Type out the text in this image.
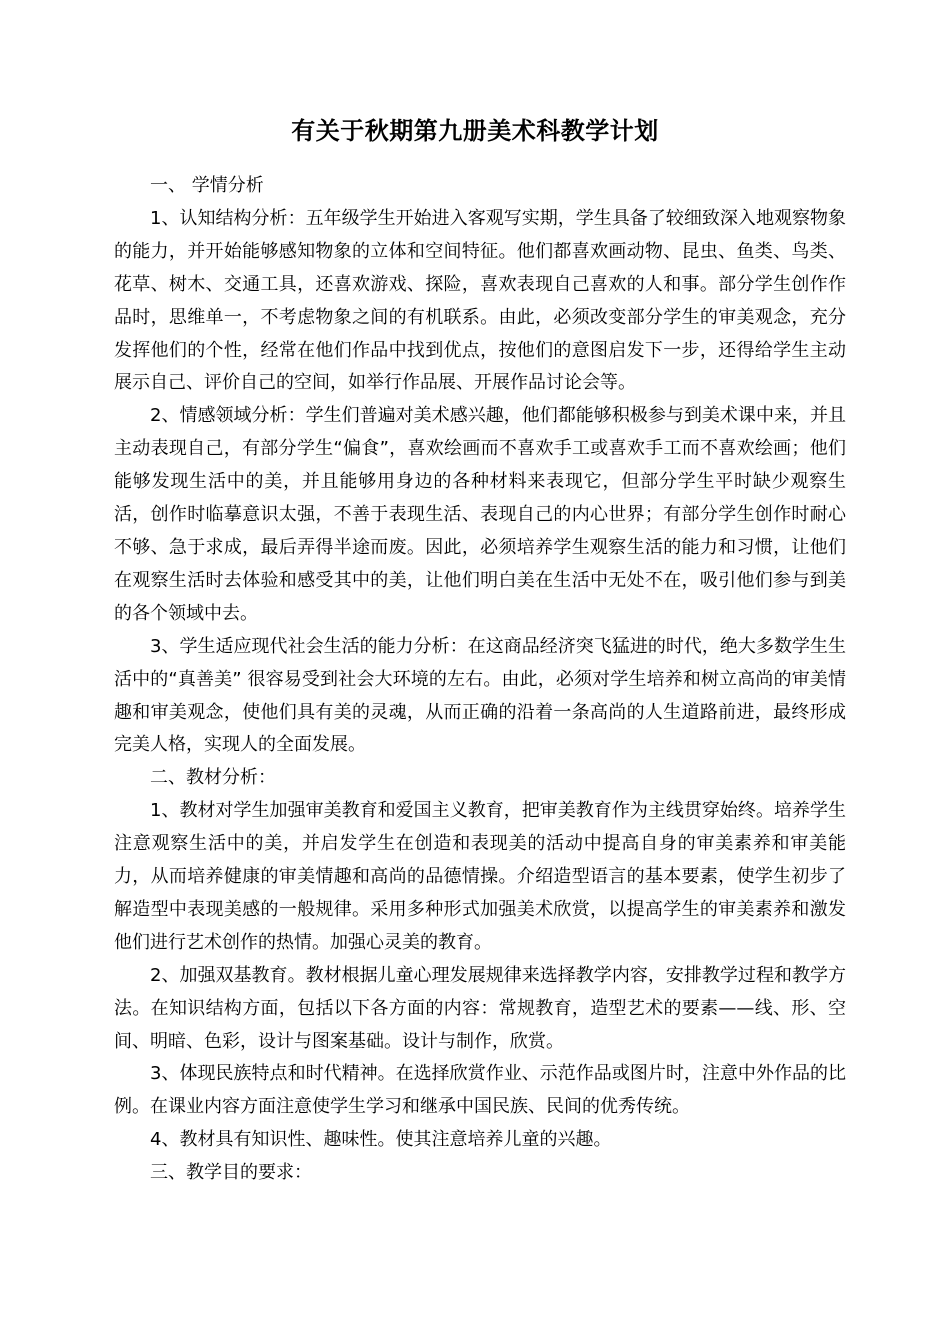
有关于秋期第九册美术科教学计划

一、 学情分析

1、认知结构分析：五年级学生开始进入客观写实期，学生具备了较细致深入地观察物象的能力，并开始能够感知物象的立体和空间特征。他们都喜欢画动物、昆虫、鱼类、鸟类、花草、树木、交通工具，还喜欢游戏、探险，喜欢表现自己喜欢的人和事。部分学生创作作品时，思维单一，不考虑物象之间的有机联系。由此，必须改变部分学生的审美观念，充分发挥他们的个性，经常在他们作品中找到优点，按他们的意图启发下一步，还得给学生主动展示自己、评价自己的空间，如举行作品展、开展作品讨论会等。

2、情感领域分析：学生们普遍对美术感兴趣，他们都能够积极参与到美术课中来，并且主动表现自己，有部分学生“偏食”，喜欢绘画而不喜欢手工或喜欢手工而不喜欢绘画；他们能够发现生活中的美，并且能够用身边的各种材料来表现它，但部分学生平时缺少观察生活，创作时临摹意识太强，不善于表现生活、表现自己的内心世界；有部分学生创作时耐心不够、急于求成，最后弄得半途而废。因此，必须培养学生观察生活的能力和习惯，让他们在观察生活时去体验和感受其中的美，让他们明白美在生活中无处不在，吸引他们参与到美的各个领域中去。

3、学生适应现代社会生活的能力分析：在这商品经济突飞猛进的时代，绝大多数学生生活中的“真善美” 很容易受到社会大环境的左右。由此，必须对学生培养和树立高尚的审美情趣和审美观念，使他们具有美的灵魂，从而正确的沿着一条高尚的人生道路前进，最终形成完美人格，实现人的全面发展。

二、教材分析：

1、教材对学生加强审美教育和爱国主义教育，把审美教育作为主线贯穿始终。培养学生注意观察生活中的美，并启发学生在创造和表现美的活动中提高自身的审美素养和审美能力，从而培养健康的审美情趣和高尚的品德情操。介绍造型语言的基本要素，使学生初步了解造型中表现美感的一般规律。采用多种形式加强美术欣赏，以提高学生的审美素养和激发他们进行艺术创作的热情。加强心灵美的教育。

2、加强双基教育。教材根据儿童心理发展规律来选择教学内容，安排教学过程和教学方法。在知识结构方面，包括以下各方面的内容：常规教育，造型艺术的要素——线、形、空间、明暗、色彩，设计与图案基础。设计与制作，欣赏。

3、体现民族特点和时代精神。在选择欣赏作业、示范作品或图片时，注意中外作品的比例。在课业内容方面注意使学生学习和继承中国民族、民间的优秀传统。

4、教材具有知识性、趣味性。使其注意培养儿童的兴趣。

三、教学目的要求：
